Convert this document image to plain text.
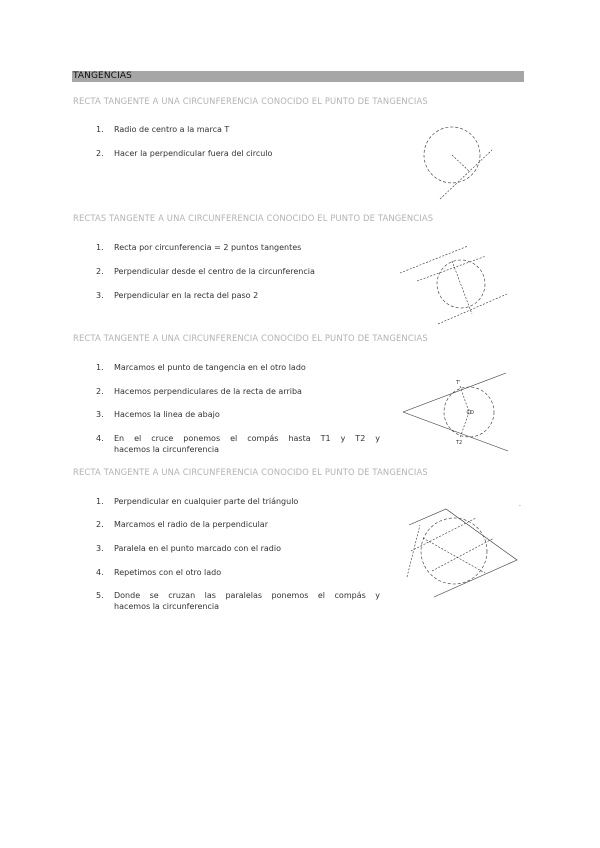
TANGENCIAS
RECTA TANGENTE A UNA CIRCUNFERENCIA CONOCIDO EL PUNTO DE TANGENCIAS
1. Radio de centro a la marca T
2. Hacer la perpendicular fuera del circulo
RECTAS TANGENTE A UNA CIRCUNFERENCIA CONOCIDO EL PUNTO DE TANGENCIAS
1. Recta por circunferencia = 2 puntos tangentes
2. Perpendicular desde el centro de la circunferencia
3. Perpendicular en la recta del paso 2
RECTA TANGENTE A UNA CIRCUNFERENCIA CONOCIDO EL PUNTO DE TANGENCIAS
1. Marcamos el punto de tangencia en el otro lado
2. Hacemos perpendiculares de la recta de arriba
3. Hacemos la linea de abajo
4. En el cruce ponemos el compás hasta T1 y T2 y
hacemos la circunferencia
RECTA TANGENTE A UNA CIRCUNFERENCIA CONOCIDO EL PUNTO DE TANGENCIAS
1. Perpendicular en cualquier parte del triángulo
2. Marcamos el radio de la perpendicular
3. Paralela en el punto marcado con el radio
4. Repetimos con el otro lado
5. Donde se cruzan las paralelas ponemos el compás y
hacemos la circunferencia
T'
O
T2
·
